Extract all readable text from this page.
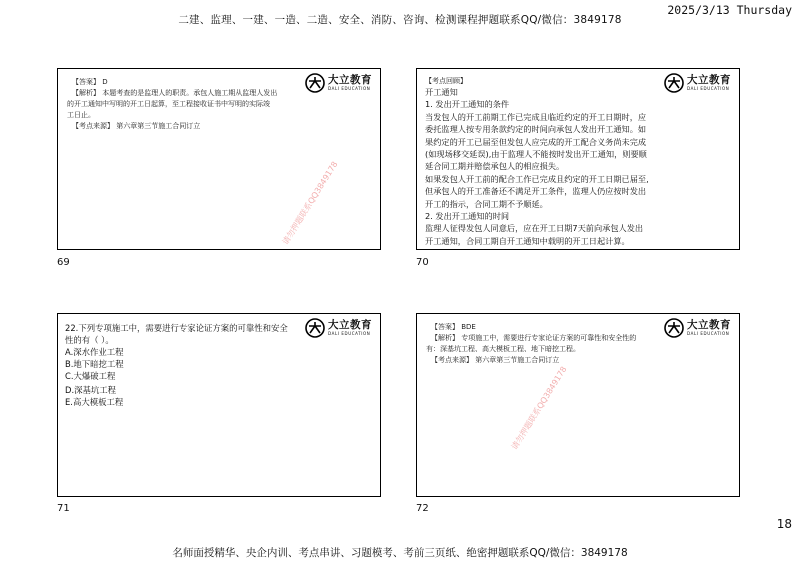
二建、监理、一建、一造、二造、安全、消防、咨询、检测课程押题联系QQ/微信：3849178
2025/3/13 Thursday
大立教育
DALI EDUCATION

【答案】 D

【解析】 本题考查的是监理人的职责。承包人施工期从监理人发出

的开工通知中写明的开工日起算，至工程接收证书中写明的实际竣

工日止。

【考点来源】 第六章第三节施工合同订立

请勿押题联系QQ3849178
69
大立教育
DALI EDUCATION

【考点回顾】

开工通知

1. 发出开工通知的条件

当发包人的开工前期工作已完成且临近约定的开工日期时，应

委托监理人按专用条款约定的时间向承包人发出开工通知。如

果约定的开工已届至但发包人应完成的开工配合义务尚未完成

(如现场移交延误),由于监理人不能按时发出开工通知，则要顺

延合同工期并赔偿承包人的相应损失。

如果发包人开工前的配合工作已完成且约定的开工日期已届至,

但承包人的开工准备还不满足开工条件，监理人仍应按时发出

开工的指示，合同工期不予顺延。

2. 发出开工通知的时间

监理人征得发包人同意后，应在开工日期7天前向承包人发出

开工通知，合同工期自开工通知中载明的开工日起计算。

70
大立教育
DALI EDUCATION

22.下列专项施工中，需要进行专家论证方案的可靠性和安全

性的有（ ）。

A.深水作业工程

B.地下暗挖工程

C.大爆破工程

D.深基坑工程

E.高大模板工程

71
大立教育
DALI EDUCATION

【答案】 BDE

【解析】 专项施工中，需要进行专家论证方案的可靠性和安全性的

有：深基坑工程、高大模板工程、地下暗挖工程。

【考点来源】 第六章第三节施工合同订立

请勿押题联系QQ3849178
72
18
名师面授精华、央企内训、考点串讲、习题模考、考前三页纸、绝密押题联系QQ/微信：3849178
